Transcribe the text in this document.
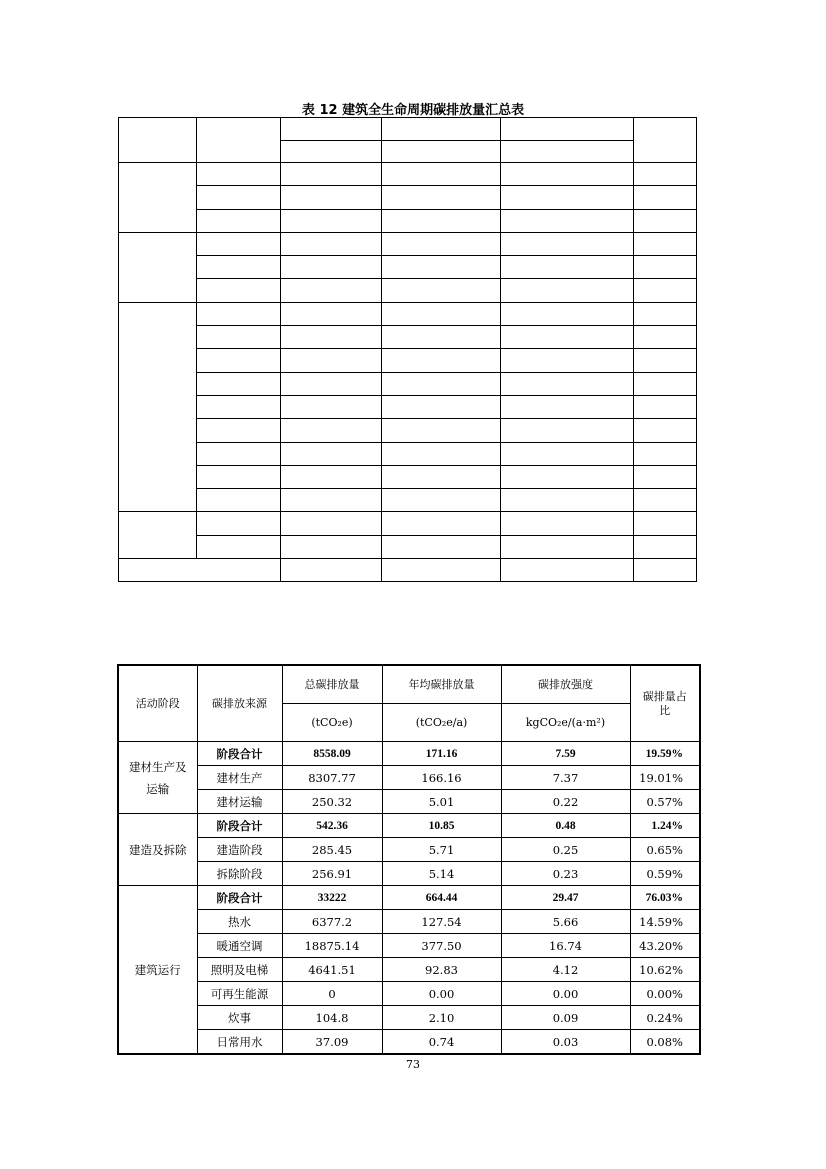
表 12 建筑全生命周期碳排放量汇总表

活动阶段	碳排放来源	总碳排放量	年均碳排放量	碳排放强度	碳排量占比
		(tCO₂e)	(tCO₂e/a)	kgCO₂e/(a·m²)	
建材生产及运输	阶段合计	8558.09	171.16	7.59	19.59%
	建材生产	8307.77	166.16	7.37	19.01%
	建材运输	250.32	5.01	0.22	0.57%
建造及拆除	阶段合计	542.36	10.85	0.48	1.24%
	建造阶段	285.45	5.71	0.25	0.65%
	拆除阶段	256.91	5.14	0.23	0.59%
建筑运行	阶段合计	33222	664.44	29.47	76.03%
	热水	6377.2	127.54	5.66	14.59%
	暖通空调	18875.14	377.50	16.74	43.20%
	照明及电梯	4641.51	92.83	4.12	10.62%
	可再生能源	0	0.00	0.00	0.00%
	炊事	104.8	2.10	0.09	0.24%
	日常用水	37.09	0.74	0.03	0.08%
73
